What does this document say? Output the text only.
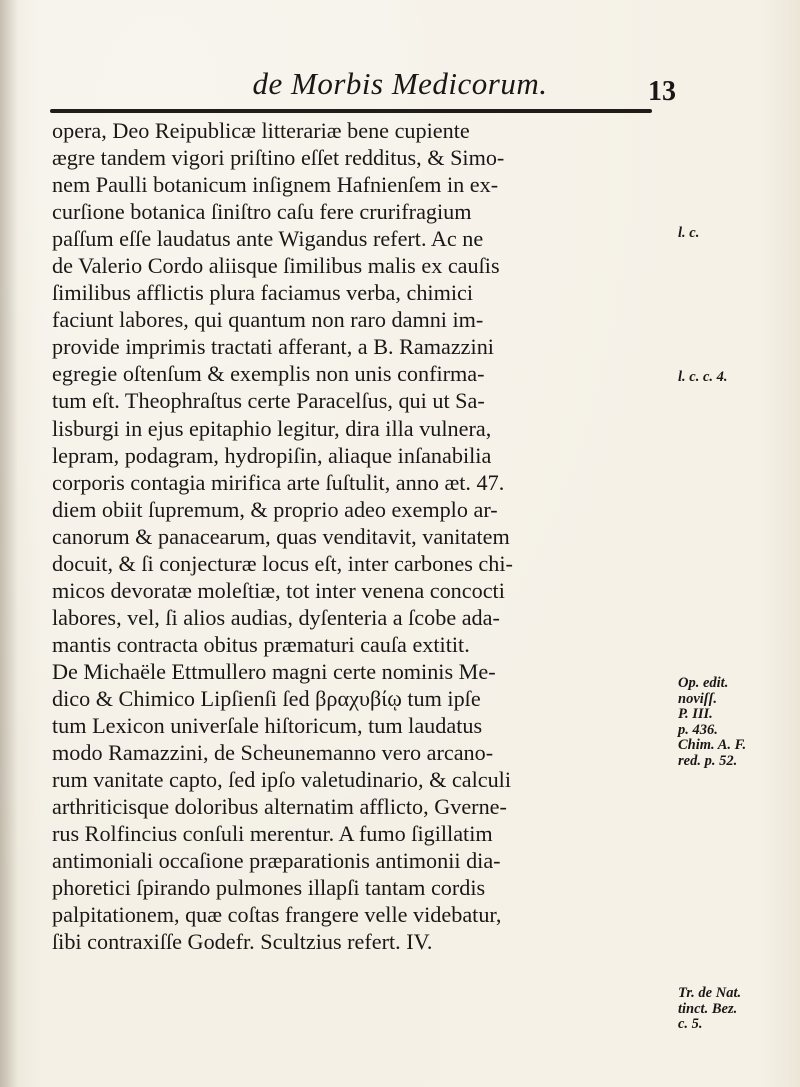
de Morbis Medicorum.	13
opera, Deo Reipublicæ litterariæ bene cupiente
ægre tandem vigori priſtino eſſet redditus, & Simo-
nem Paulli botanicum inſignem Hafnienſem in ex-
curſione botanica ſiniſtro caſu fere crurifragium
paſſum eſſe laudatus ante Wigandus refert. Ac ne
de Valerio Cordo aliisque ſimilibus malis ex cauſis
ſimilibus afflictis plura faciamus verba, chimici
faciunt labores, qui quantum non raro damni im-
provide imprimis tractati afferant, a B. Ramazzini
egregie oſtenſum & exemplis non unis confirma-
tum eſt. Theophraſtus certe Paracelſus, qui ut Sa-
lisburgi in ejus epitaphio legitur, dira illa vulnera,
lepram, podagram, hydropiſin, aliaque inſanabilia
corporis contagia mirifica arte ſuſtulit, anno æt. 47.
diem obiit ſupremum, & proprio adeo exemplo ar-
canorum & panacearum, quas venditavit, vanitatem
docuit, & ſi conjecturæ locus eſt, inter carbones chi-
micos devoratæ moleſtiæ, tot inter venena concocti
labores, vel, ſi alios audias, dyſenteria a ſcobe ada-
mantis contracta obitus præmaturi cauſa extitit.
De Michaële Ettmullero magni certe nominis Me-
dico & Chimico Lipſienſi ſed βραχυβίῳ tum ipſe
tum Lexicon univerſale hiſtoricum, tum laudatus
modo Ramazzini, de Scheunemanno vero arcano-
rum vanitate capto, ſed ipſo valetudinario, & calculi
arthriticisque doloribus alternatim afflicto, Gverne-
rus Rolfincius conſuli merentur. A fumo ſigillatim
antimoniali occaſione præparationis antimonii dia-
phoretici ſpirando pulmones illapſi tantam cordis
palpitationem, quæ coſtas frangere velle videbatur,
ſibi contraxiſſe Godefr. Scultzius refert. IV.
l. c.
l. c. c. 4.
Op. edit.
noviſſ.
P. III.
p. 436.
Chim. A. F.
red. p. 52.
Tr. de Nat.
tinct. Bez.
c. 5.
